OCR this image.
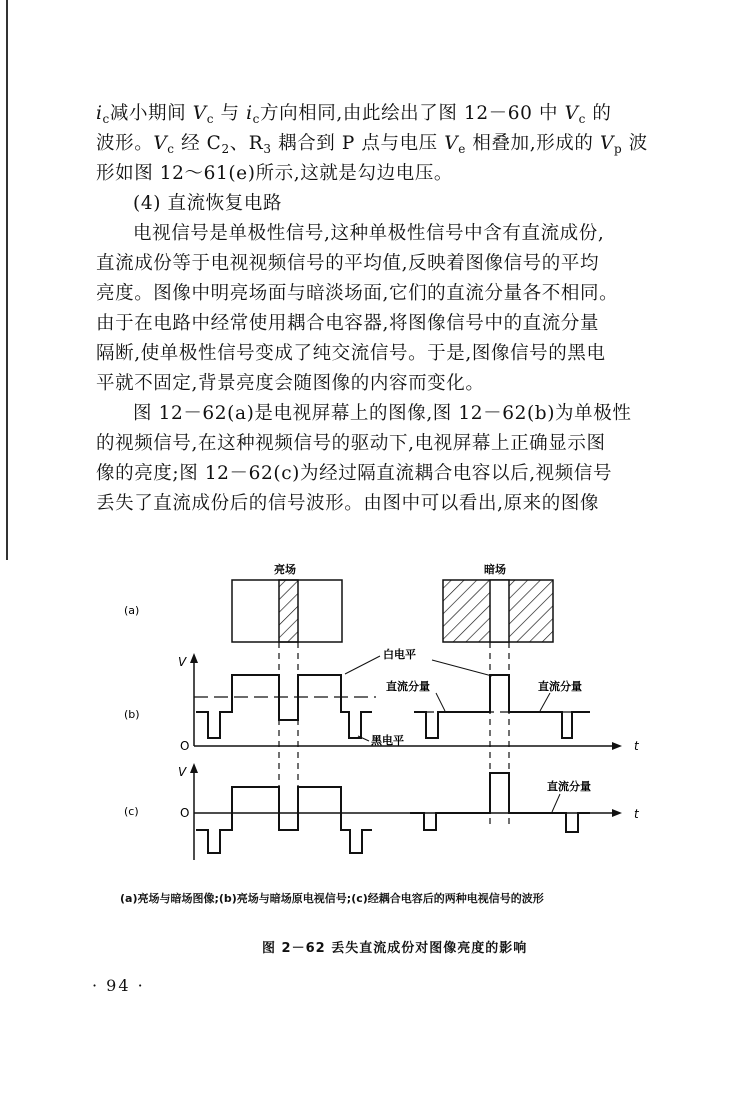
$i_c$减小期间 $V_c$ 与 $i_c$方向相同,由此绘出了图 12－60 中 $V_c$ 的

波形。$V_c$ 经 $C_2$、$R_3$ 耦合到 P 点与电压 $V_e$ 相叠加,形成的 $V_p$ 波

形如图 12～61(e)所示,这就是勾边电压。

(4) 直流恢复电路

电视信号是单极性信号,这种单极性信号中含有直流成份,

直流成份等于电视视频信号的平均值,反映着图像信号的平均

亮度。图像中明亮场面与暗淡场面,它们的直流分量各不相同。

由于在电路中经常使用耦合电容器,将图像信号中的直流分量

隔断,使单极性信号变成了纯交流信号。于是,图像信号的黑电

平就不固定,背景亮度会随图像的内容而变化。

图 12－62(a)是电视屏幕上的图像,图 12－62(b)为单极性

的视频信号,在这种视频信号的驱动下,电视屏幕上正确显示图

像的亮度;图 12－62(c)为经过隔直流耦合电容以后,视频信号

丢失了直流成份后的信号波形。由图中可以看出,原来的图像

亮场	暗场
(a)
(b)
V
t
O
白电平
直流分量	直流分量
黑电平
(c)
V
t
O
直流分量
(a)亮场与暗场图像;(b)亮场与暗场原电视信号;(c)经耦合电容后的两种电视信号的波形
图 2－62 丢失直流成份对图像亮度的影响
· 94 ·
